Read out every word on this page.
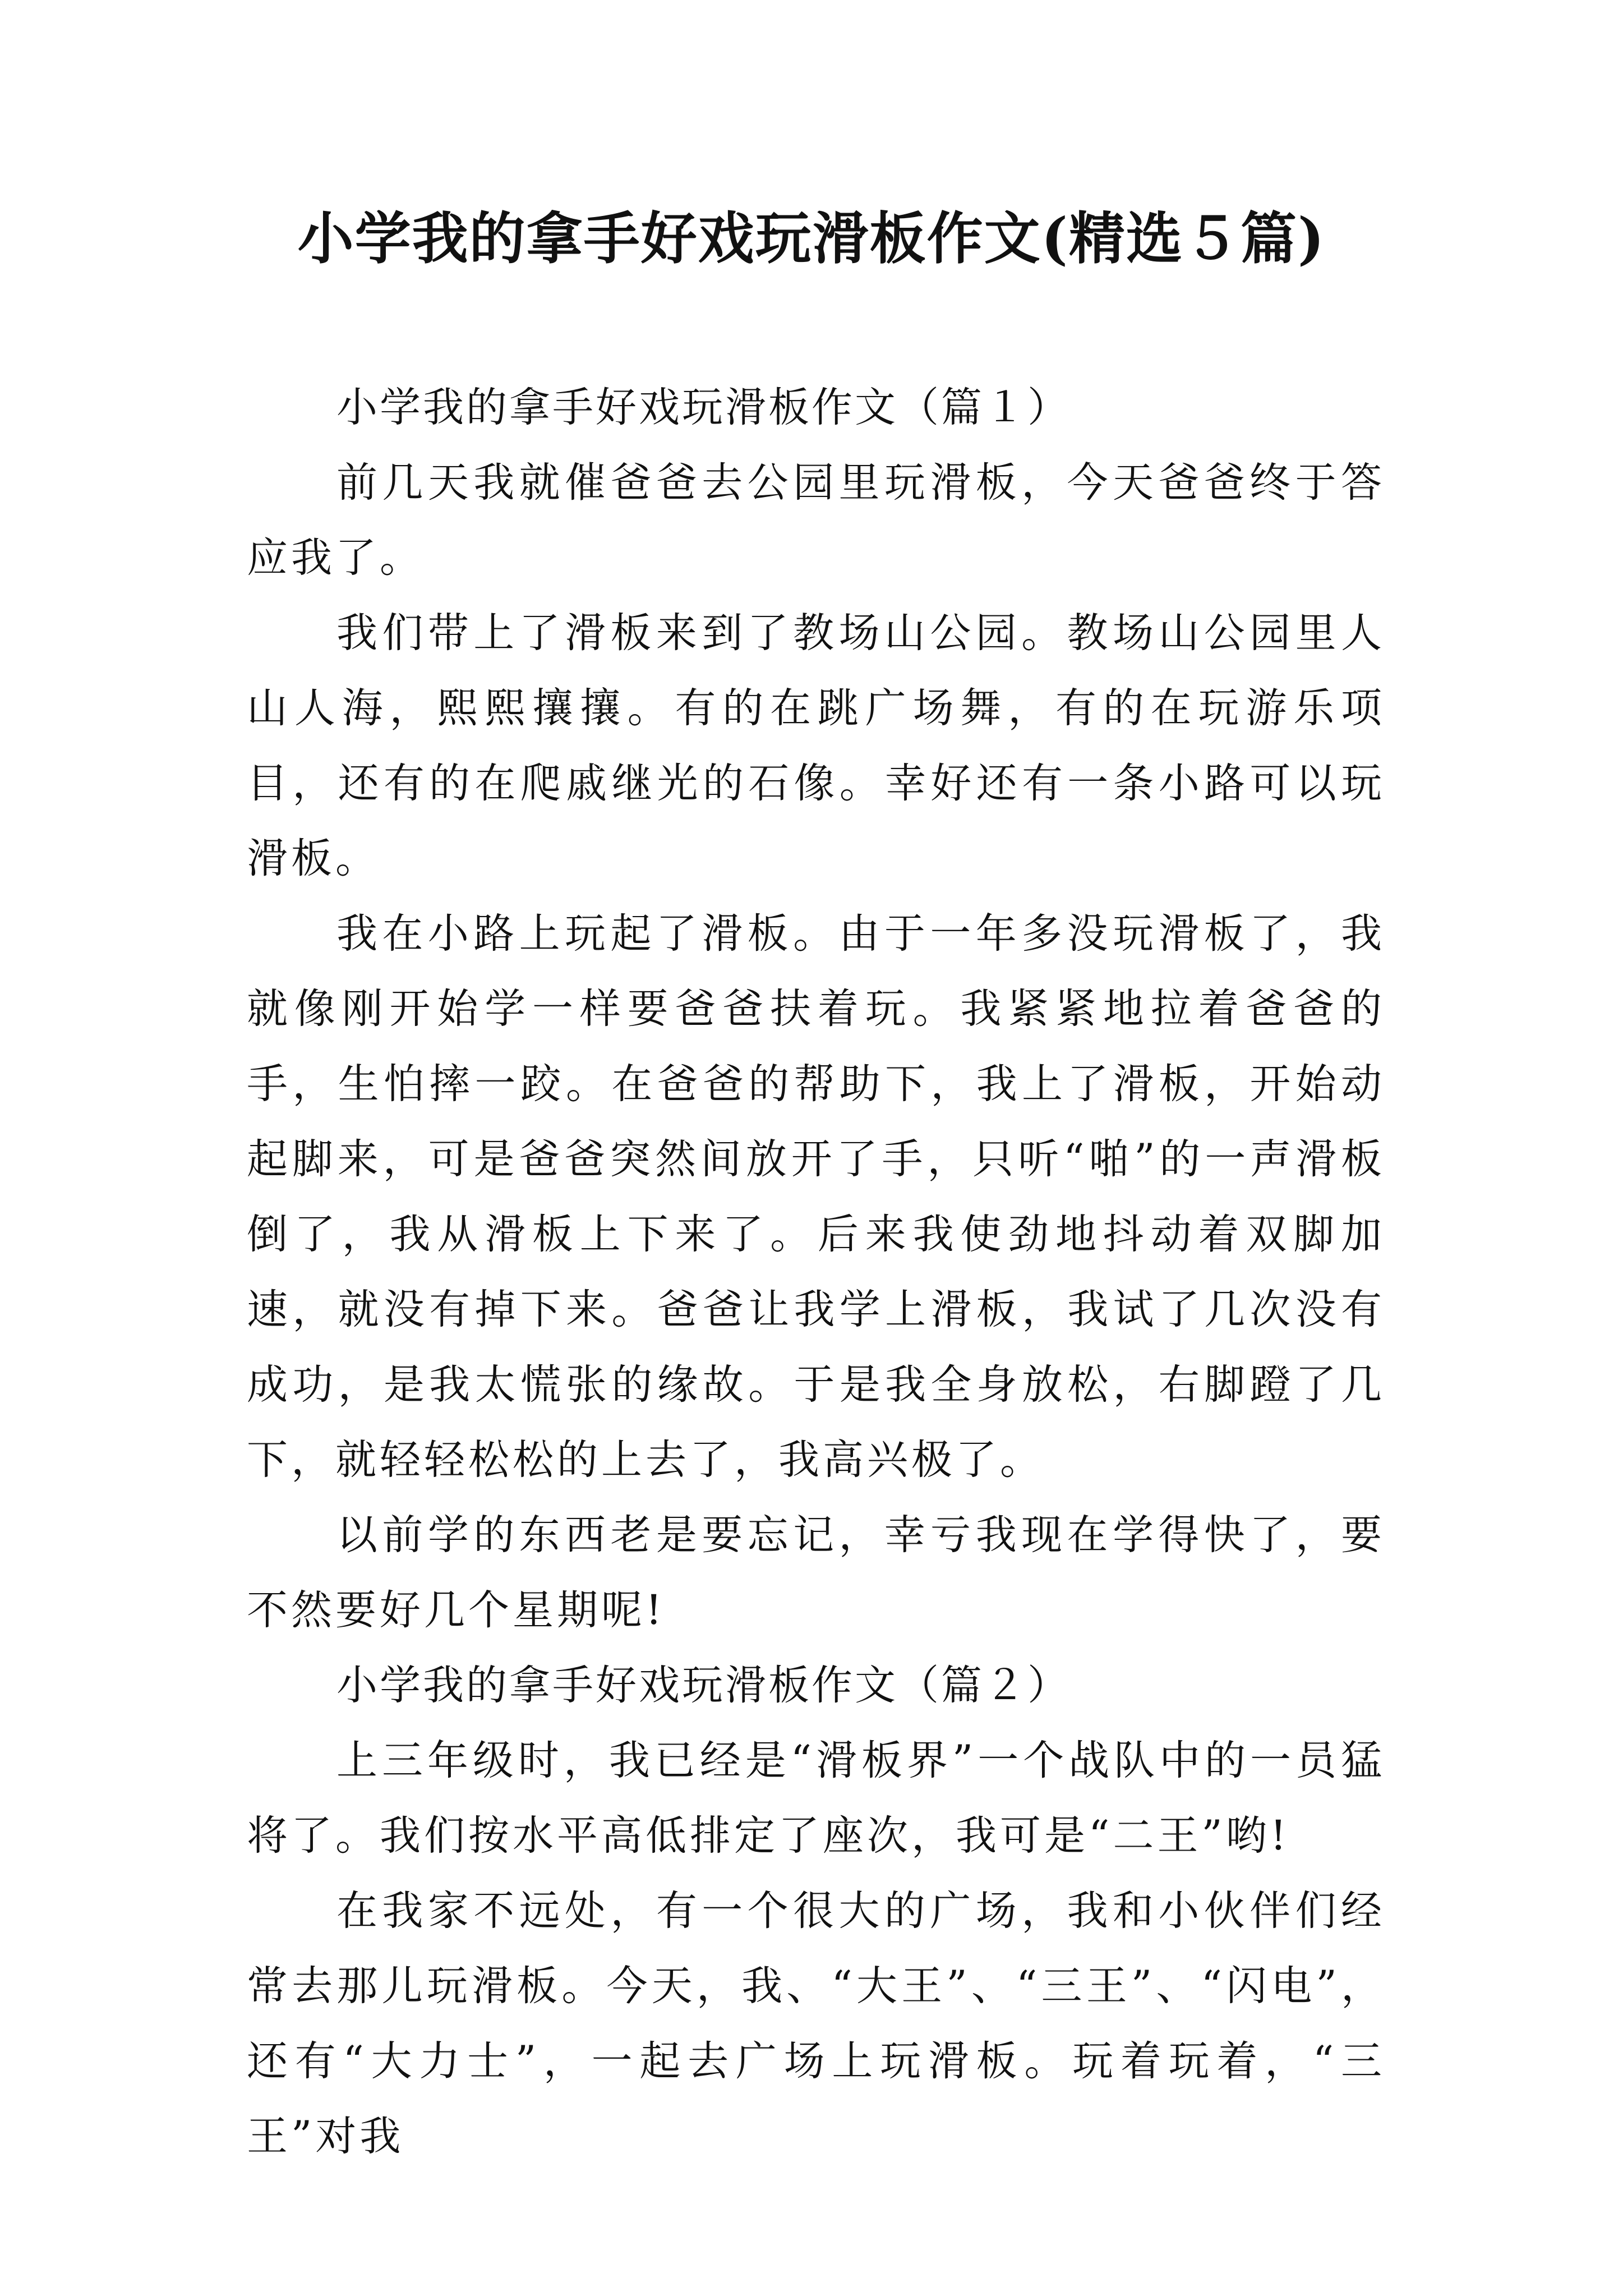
小学我的拿手好戏玩滑板作文(精选５篇)

小学我的拿手好戏玩滑板作文（篇１）

前几天我就催爸爸去公园里玩滑板，今天爸爸终于答应我了。

我们带上了滑板来到了教场山公园。教场山公园里人山人海，熙熙攘攘。有的在跳广场舞，有的在玩游乐项目，还有的在爬戚继光的石像。幸好还有一条小路可以玩滑板。

我在小路上玩起了滑板。由于一年多没玩滑板了，我就像刚开始学一样要爸爸扶着玩。我紧紧地拉着爸爸的手，生怕摔一跤。在爸爸的帮助下，我上了滑板，开始动起脚来，可是爸爸突然间放开了手，只听“啪”的一声滑板倒了，我从滑板上下来了。后来我使劲地抖动着双脚加速，就没有掉下来。爸爸让我学上滑板，我试了几次没有成功，是我太慌张的缘故。于是我全身放松，右脚蹬了几下，就轻轻松松的上去了，我高兴极了。

以前学的东西老是要忘记，幸亏我现在学得快了，要不然要好几个星期呢!

小学我的拿手好戏玩滑板作文（篇２）

上三年级时，我已经是“滑板界”一个战队中的一员猛将了。我们按水平高低排定了座次，我可是“二王”哟!

在我家不远处，有一个很大的广场，我和小伙伴们经常去那儿玩滑板。今天，我、“大王”、“三王”、“闪电”，还有“大力士”，一起去广场上玩滑板。玩着玩着，“三王”对我
